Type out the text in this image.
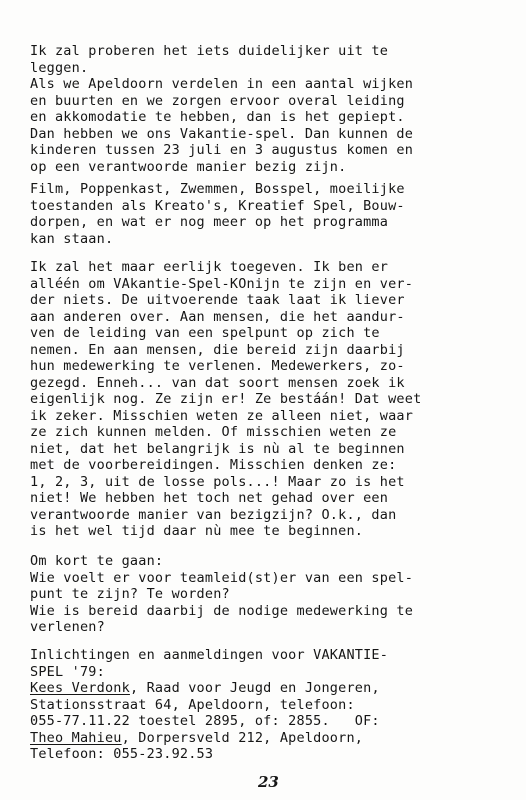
Ik zal proberen het iets duidelijker uit te
leggen.
Als we Apeldoorn verdelen in een aantal wijken
en buurten en we zorgen ervoor overal leiding
en akkomodatie te hebben, dan is het gepiept.
Dan hebben we ons Vakantie-spel. Dan kunnen de
kinderen tussen 23 juli en 3 augustus komen en
op een verantwoorde manier bezig zijn.
Film, Poppenkast, Zwemmen, Bosspel, moeilijke
toestanden als Kreato's, Kreatief Spel, Bouw-
dorpen, en wat er nog meer op het programma
kan staan.
Ik zal het maar eerlijk toegeven. Ik ben er
alléén om VAkantie-Spel-KOnijn te zijn en ver-
der niets. De uitvoerende taak laat ik liever
aan anderen over. Aan mensen, die het aandur-
ven de leiding van een spelpunt op zich te
nemen. En aan mensen, die bereid zijn daarbij
hun medewerking te verlenen. Medewerkers, zo-
gezegd. Enneh... van dat soort mensen zoek ik
eigenlijk nog. Ze zijn er! Ze bestáán! Dat weet
ik zeker. Misschien weten ze alleen niet, waar
ze zich kunnen melden. Of misschien weten ze
niet, dat het belangrijk is nù al te beginnen
met de voorbereidingen. Misschien denken ze:
1, 2, 3, uit de losse pols...! Maar zo is het
niet! We hebben het toch net gehad over een
verantwoorde manier van bezigzijn? O.k., dan
is het wel tijd daar nù mee te beginnen.
Om kort te gaan:
Wie voelt er voor teamleid(st)er van een spel-
punt te zijn? Te worden?
Wie is bereid daarbij de nodige medewerking te
verlenen?
Inlichtingen en aanmeldingen voor VAKANTIE-
SPEL '79:
Kees Verdonk, Raad voor Jeugd en Jongeren,
Stationsstraat 64, Apeldoorn, telefoon:
055-77.11.22 toestel 2895, of: 2855.   OF:
Theo Mahieu, Dorpersveld 212, Apeldoorn,
Telefoon: 055-23.92.53
23
